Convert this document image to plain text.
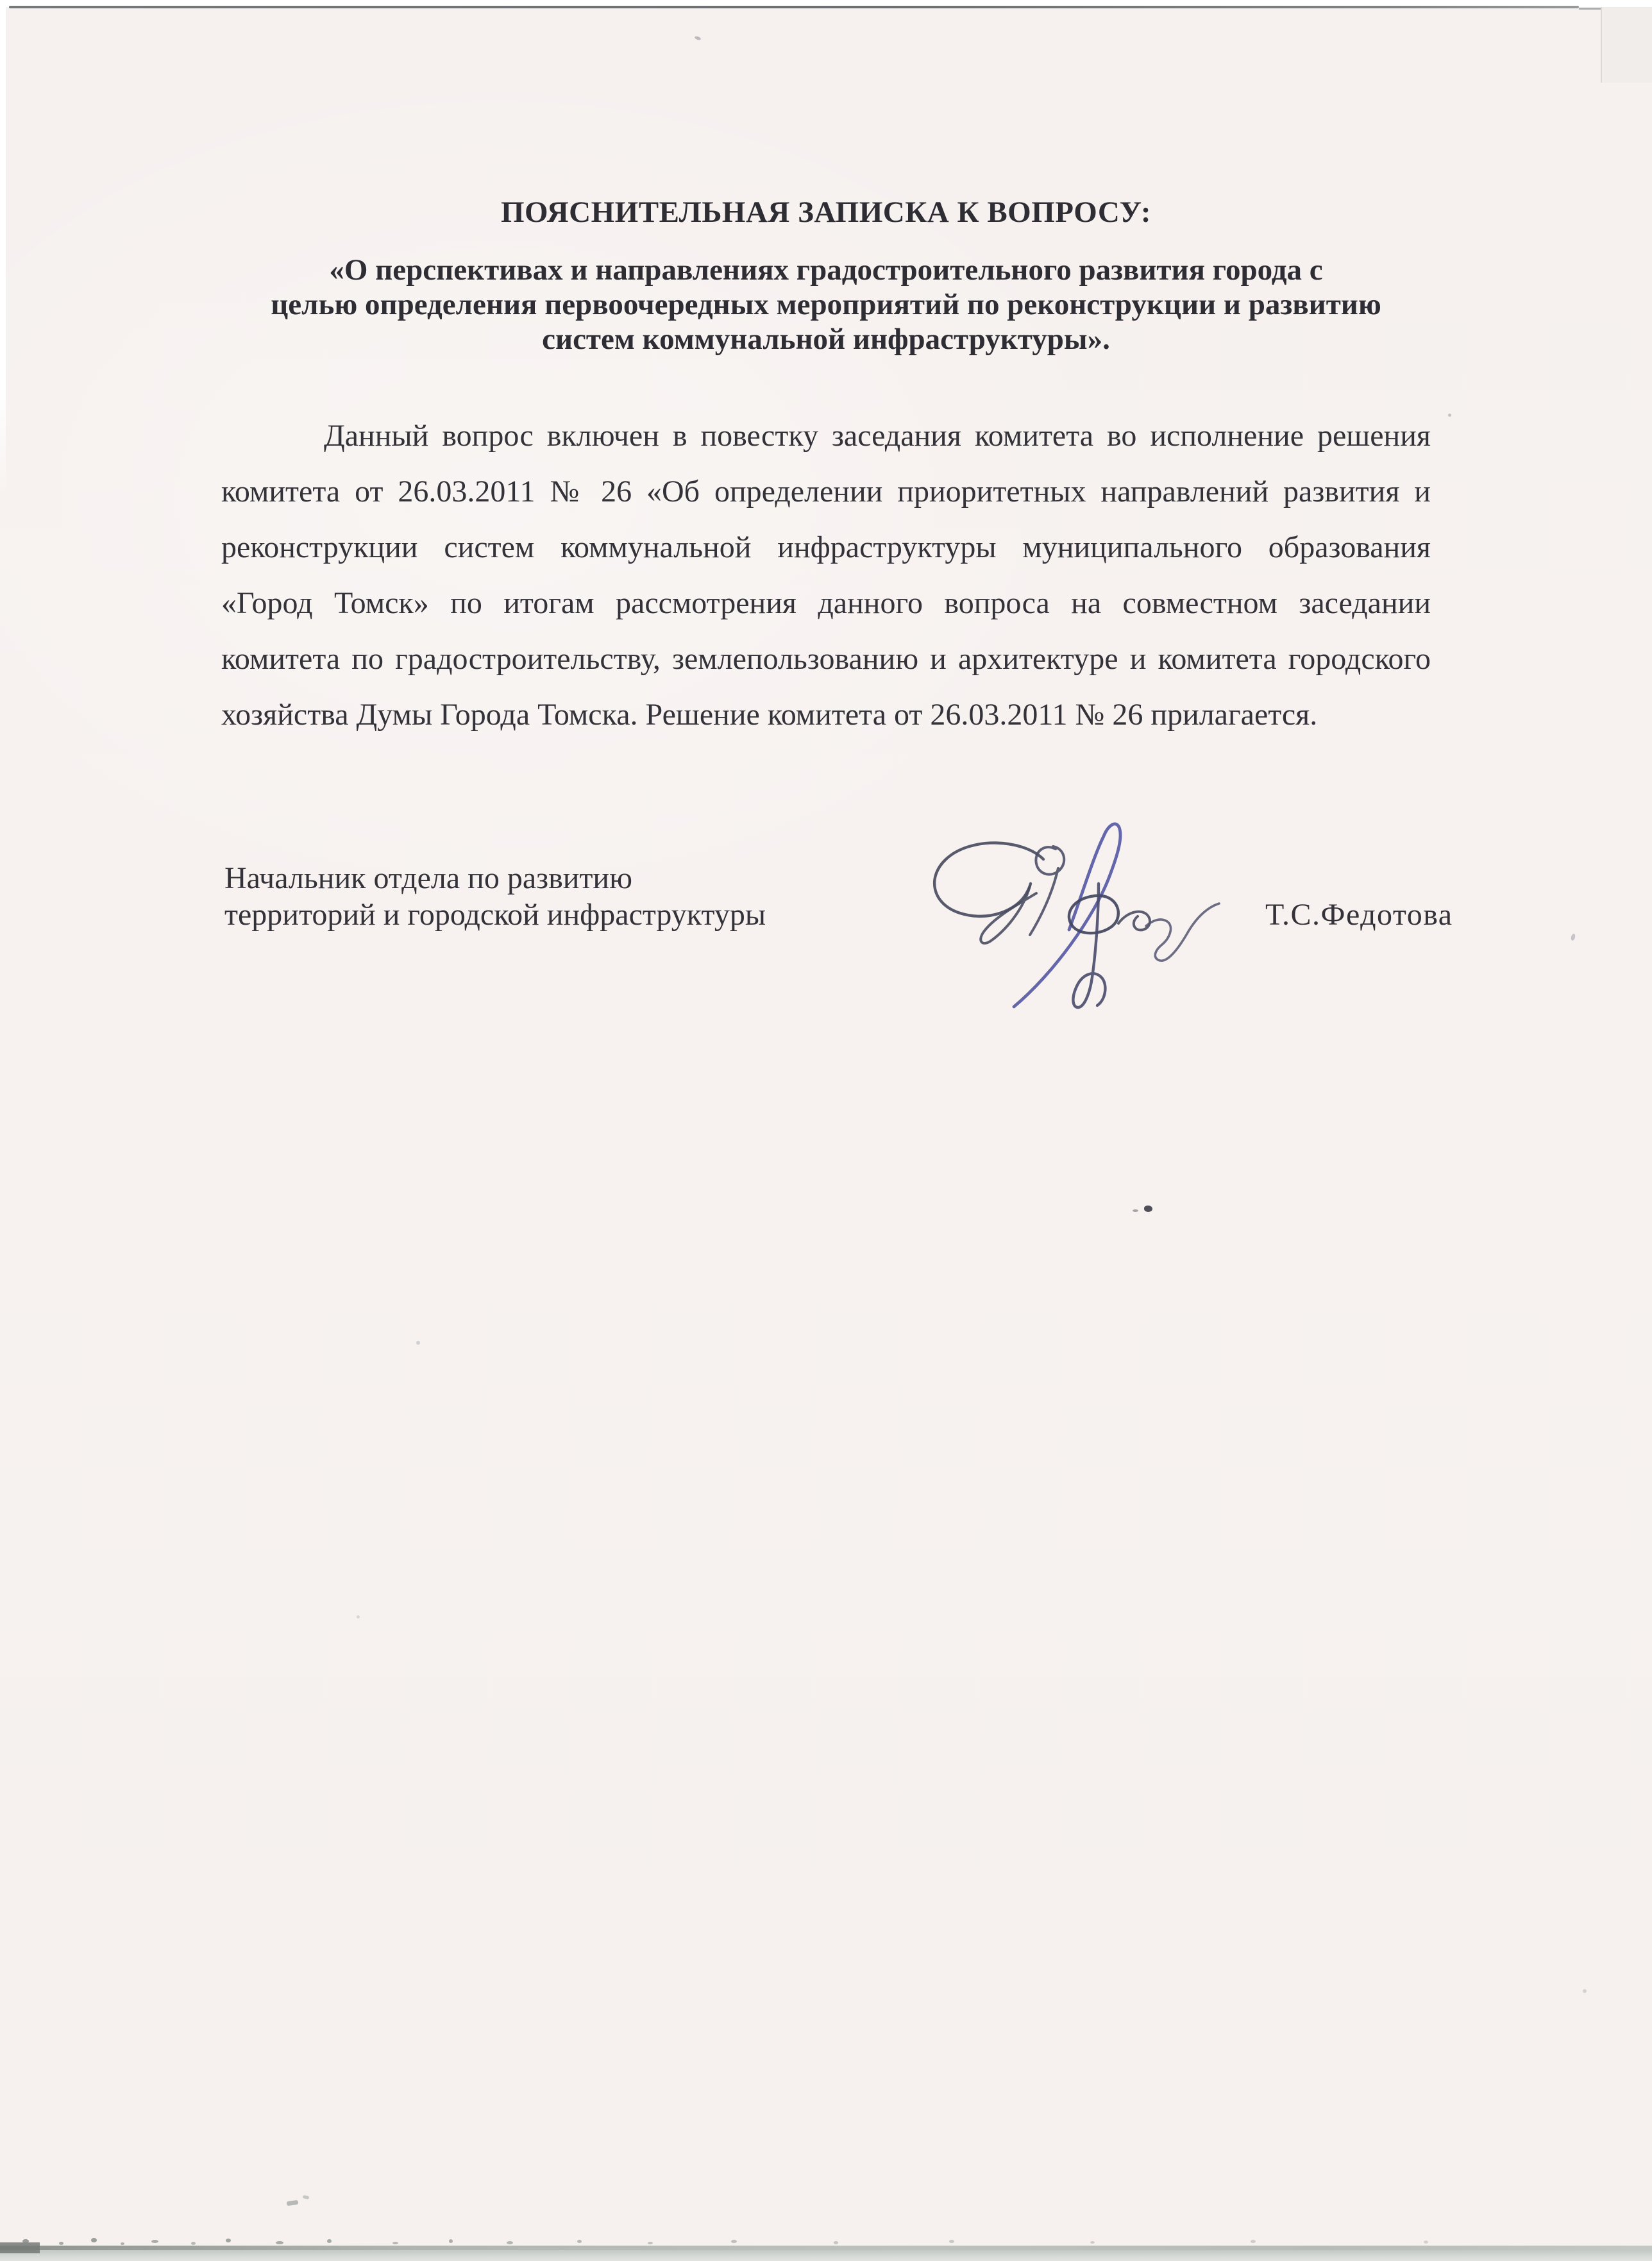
ПОЯСНИТЕЛЬНАЯ ЗАПИСКА К ВОПРОСУ:
«О перспективах и направлениях градостроительного развития города с
целью определения первоочередных мероприятий по реконструкции и развитию
систем коммунальной инфраструктуры».
Данный вопрос включен в повестку заседания комитета во исполнение решения
комитета от 26.03.2011 № 26 «Об определении приоритетных направлений развития и
реконструкции систем коммунальной инфраструктуры муниципального образования
«Город Томск» по итогам рассмотрения данного вопроса на совместном заседании
комитета по градостроительству, землепользованию и архитектуре и комитета городского
хозяйства Думы Города Томска. Решение комитета от 26.03.2011 № 26 прилагается.
Начальник отдела по развитию
территорий и городской инфраструктуры	Т.С.Федотова
